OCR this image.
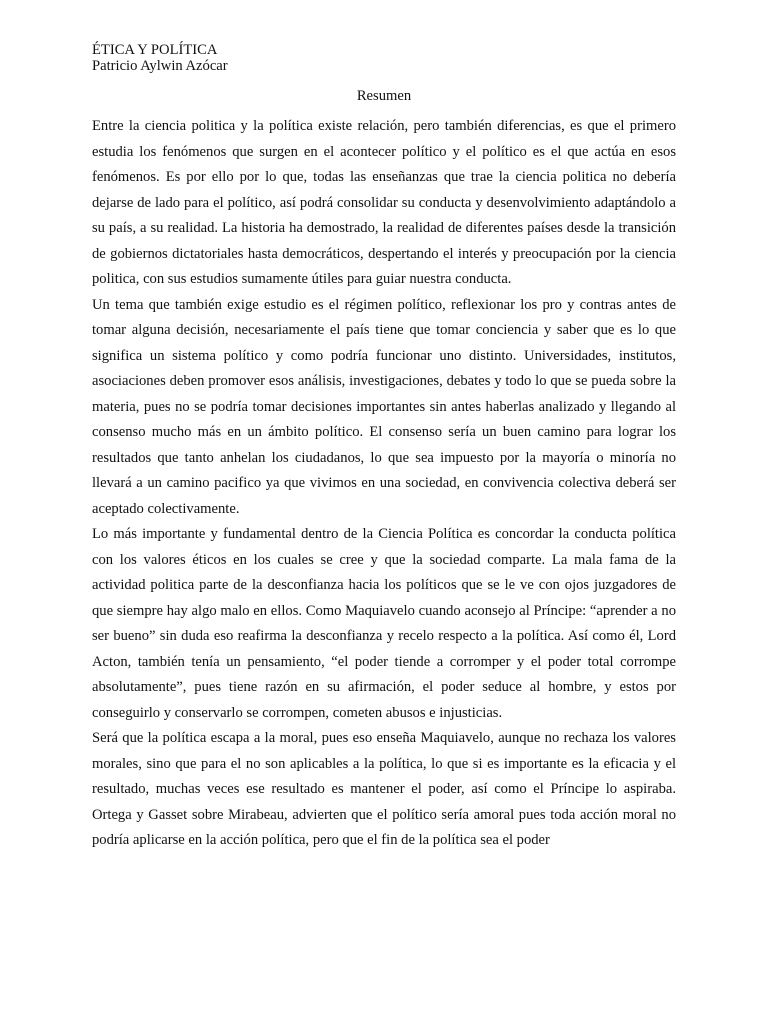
ÉTICA Y POLÍTICA
Patricio Aylwin Azócar
Resumen

Entre la ciencia politica y la política existe relación, pero también diferencias, es que el primero estudia los fenómenos que surgen en el acontecer político y el político es el que actúa en esos fenómenos. Es por ello por lo que, todas las enseñanzas que trae la ciencia politica no debería dejarse de lado para el político, así podrá consolidar su conducta y desenvolvimiento adaptándolo a su país, a su realidad. La historia ha demostrado, la realidad de diferentes países desde la transición de gobiernos dictatoriales hasta democráticos, despertando el interés y preocupación por la ciencia politica, con sus estudios sumamente útiles para guiar nuestra conducta.

Un tema que también exige estudio es el régimen político, reflexionar los pro y contras antes de tomar alguna decisión, necesariamente el país tiene que tomar conciencia y saber que es lo que significa un sistema político y como podría funcionar uno distinto. Universidades, institutos, asociaciones deben promover esos análisis, investigaciones, debates y todo lo que se pueda sobre la materia, pues no se podría tomar decisiones importantes sin antes haberlas analizado y llegando al consenso mucho más en un ámbito político. El consenso sería un buen camino para lograr los resultados que tanto anhelan los ciudadanos, lo que sea impuesto por la mayoría o minoría no llevará a un camino pacifico ya que vivimos en una sociedad, en convivencia colectiva deberá ser aceptado colectivamente.

Lo más importante y fundamental dentro de la Ciencia Política es concordar la conducta política con los valores éticos en los cuales se cree y que la sociedad comparte. La mala fama de la actividad politica parte de la desconfianza hacia los políticos que se le ve con ojos juzgadores de que siempre hay algo malo en ellos. Como Maquiavelo cuando aconsejo al Príncipe: “aprender a no ser bueno” sin duda eso reafirma la desconfianza y recelo respecto a la política. Así como él, Lord Acton, también tenía un pensamiento, “el poder tiende a corromper y el poder total corrompe absolutamente”, pues tiene razón en su afirmación, el poder seduce al hombre, y estos por conseguirlo y conservarlo se corrompen, cometen abusos e injusticias.

Será que la política escapa a la moral, pues eso enseña Maquiavelo, aunque no rechaza los valores morales, sino que para el no son aplicables a la política, lo que si es importante es la eficacia y el resultado, muchas veces ese resultado es mantener el poder, así como el Príncipe lo aspiraba. Ortega y Gasset sobre Mirabeau, advierten que el político sería amoral pues toda acción moral no podría aplicarse en la acción política, pero que el fin de la política sea el poder
